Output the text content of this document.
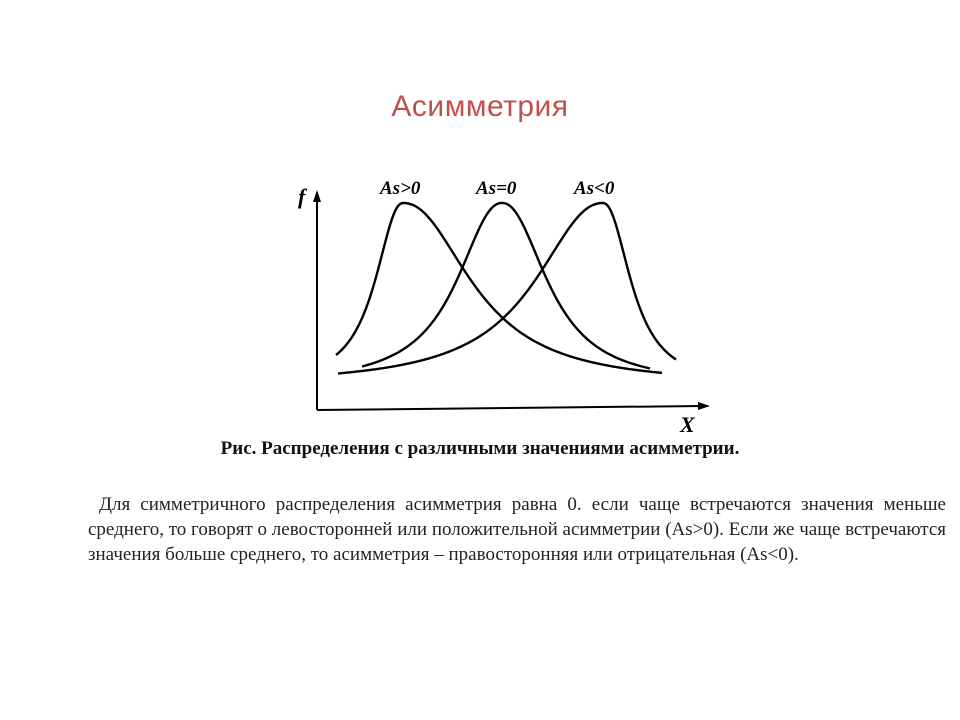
Асимметрия
f
X
As>0	As=0	As<0
Рис. Распределения с различными значениями асимметрии.
Для симметричного распределения асимметрия равна 0. если чаще встречаются значения меньше среднего, то говорят о левосторонней или положительной асимметрии (As>0). Если же чаще встречаются значения больше среднего, то асимметрия – правосторонняя или отрицательная (As<0).
